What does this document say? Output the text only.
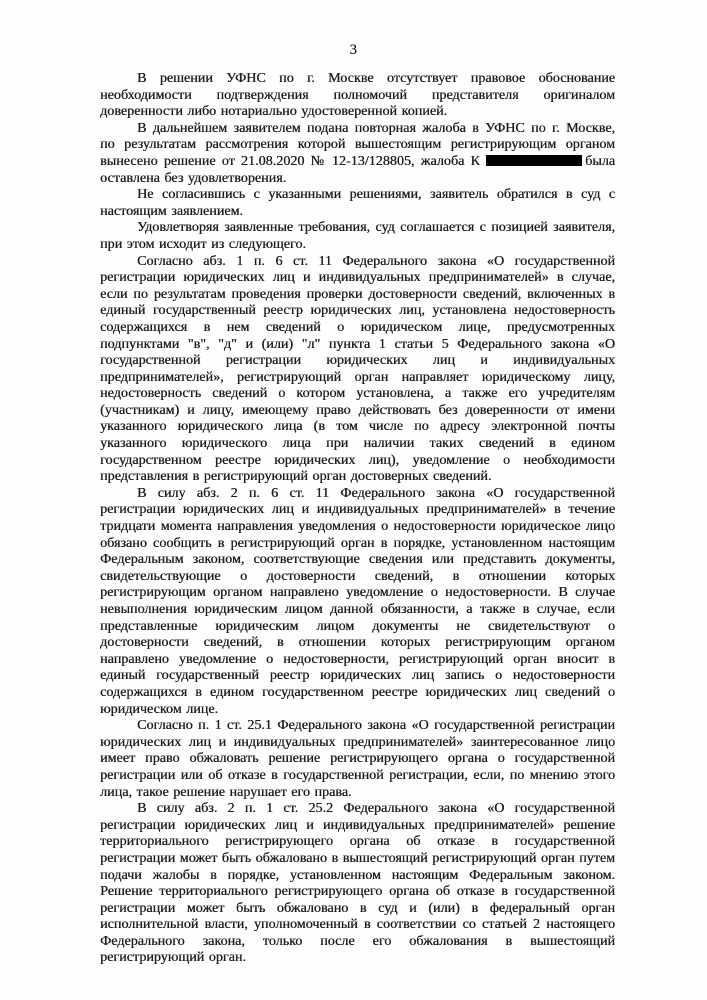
3

В решении УФНС по г. Москве отсутствует правовое обоснование необходимости подтверждения полномочий представителя оригиналом доверенности либо нотариально удостоверенной копией.

В дальнейшем заявителем подана повторная жалоба в УФНС по г. Москве, по результатам рассмотрения которой вышестоящим регистрирующим органом вынесено решение от 21.08.2020 № 12-13/128805, жалоба К	была оставлена без удовлетворения.

Не согласившись с указанными решениями, заявитель обратился в суд с настоящим заявлением.

Удовлетворяя заявленные требования, суд соглашается с позицией заявителя, при этом исходит из следующего.

Согласно абз. 1 п. 6 ст. 11 Федерального закона «О государственной регистрации юридических лиц и индивидуальных предпринимателей» в случае, если по результатам проведения проверки достоверности сведений, включенных в единый государственный реестр юридических лиц, установлена недостоверность содержащихся в нем сведений о юридическом лице, предусмотренных подпунктами "в", "д" и (или) "л" пункта 1 статьи 5 Федерального закона «О государственной регистрации юридических лиц и индивидуальных предпринимателей», регистрирующий орган направляет юридическому лицу, недостоверность сведений о котором установлена, а также его учредителям (участникам) и лицу, имеющему право действовать без доверенности от имени указанного юридического лица (в том числе по адресу электронной почты указанного юридического лица при наличии таких сведений в едином государственном реестре юридических лиц), уведомление о необходимости представления в регистрирующий орган достоверных сведений.

В силу абз. 2 п. 6 ст. 11 Федерального закона «О государственной регистрации юридических лиц и индивидуальных предпринимателей» в течение тридцати момента направления уведомления о недостоверности юридическое лицо обязано сообщить в регистрирующий орган в порядке, установленном настоящим Федеральным законом, соответствующие сведения или представить документы, свидетельствующие о достоверности сведений, в отношении которых регистрирующим органом направлено уведомление о недостоверности. В случае невыполнения юридическим лицом данной обязанности, а также в случае, если представленные юридическим лицом документы не свидетельствуют о достоверности сведений, в отношении которых регистрирующим органом направлено уведомление о недостоверности, регистрирующий орган вносит в единый государственный реестр юридических лиц запись о недостоверности содержащихся в едином государственном реестре юридических лиц сведений о юридическом лице.

Согласно п. 1 ст. 25.1 Федерального закона «О государственной регистрации юридических лиц и индивидуальных предпринимателей» заинтересованное лицо имеет право обжаловать решение регистрирующего органа о государственной регистрации или об отказе в государственной регистрации, если, по мнению этого лица, такое решение нарушает его права.

В силу абз. 2 п. 1 ст. 25.2 Федерального закона «О государственной регистрации юридических лиц и индивидуальных предпринимателей» решение территориального регистрирующего органа об отказе в государственной регистрации может быть обжаловано в вышестоящий регистрирующий орган путем подачи жалобы в порядке, установленном настоящим Федеральным законом. Решение территориального регистрирующего органа об отказе в государственной регистрации может быть обжаловано в суд и (или) в федеральный орган исполнительной власти, уполномоченный в соответствии со статьей 2 настоящего Федерального закона, только после его обжалования в вышестоящий регистрирующий орган.
